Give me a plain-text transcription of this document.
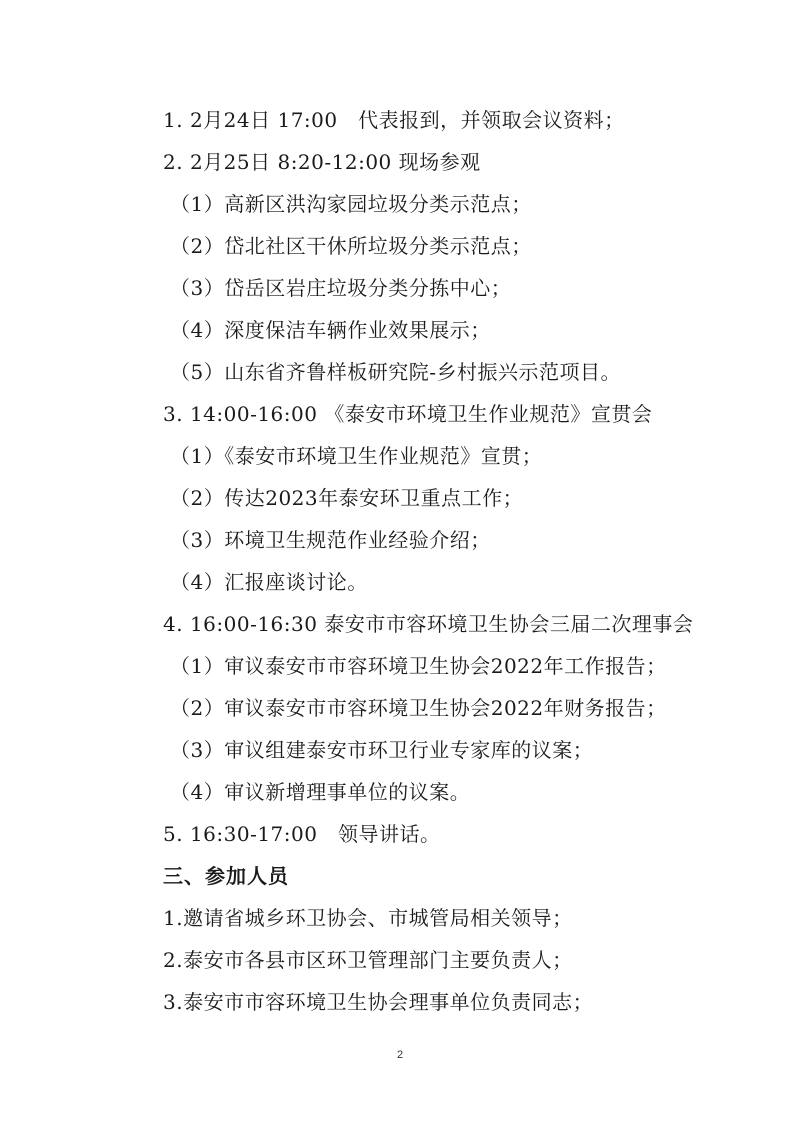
1. 2月24日 17:00　代表报到，并领取会议资料；
2. 2月25日 8:20-12:00 现场参观
（1）高新区洪沟家园垃圾分类示范点；
（2）岱北社区干休所垃圾分类示范点；
（3）岱岳区岩庄垃圾分类分拣中心；
（4）深度保洁车辆作业效果展示；
（5）山东省齐鲁样板研究院-乡村振兴示范项目。
3. 14:00-16:00 《泰安市环境卫生作业规范》宣贯会
（1）《泰安市环境卫生作业规范》宣贯；
（2）传达2023年泰安环卫重点工作；
（3）环境卫生规范作业经验介绍；
（4）汇报座谈讨论。
4. 16:00-16:30 泰安市市容环境卫生协会三届二次理事会
（1）审议泰安市市容环境卫生协会2022年工作报告；
（2）审议泰安市市容环境卫生协会2022年财务报告；
（3）审议组建泰安市环卫行业专家库的议案；
（4）审议新增理事单位的议案。
5. 16:30-17:00　领导讲话。
三、参加人员
1.邀请省城乡环卫协会、市城管局相关领导；
2.泰安市各县市区环卫管理部门主要负责人；
3.泰安市市容环境卫生协会理事单位负责同志；
2
